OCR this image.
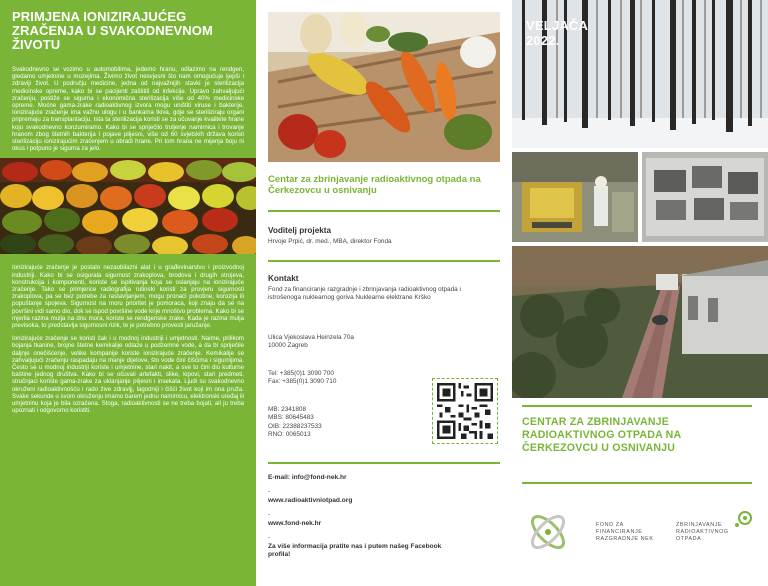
PRIMJENA IONIZIRAJUĆEG ZRAČENJA U SVAKODNEVNOM ŽIVOTU

Svakodnevno se vozimo u automobilima, jedemo hranu, odlazimo na rendgen, gledamo umjetnine u muzejima. Živimo život nesvjesni što nam omogućuje ljepši i zdraviji život. U području medicine, jedna od najvažnijih stavki je sterilizacija medicinske opreme, kako bi se pacijenti zaštitili od infekcije. Upravo zahvaljujući zračenju, postiže se sigurna i ekonomična sterilizacija više od 40% medicinske opreme. Moćne gama-zrake radioaktivnog izvora mogu uništiti viruse i bakterije. Ionizirajuće zračenje ima važnu ulogu i u bankama tkiva, gdje se steriliziraju organi pripremaju za transplantaciju. Ista ta sterilizacija koristi se za očuvanje kvalitete hrane koju svakodnevno konzumiramo. Kako bi se spriječilo truljenje namirnica i trovanje hranom zbog štetnih bakterija i pojave plijesni, više od 60 svjetskih država koristi sterilizaciju ionizirajućim zračenjem u obradi hrane. Pri tom hrana ne mijenja boju ni okus i potpuno je sigurna za jelo.

Ionizirajuće zračenje je postalo nezaobilazni alat i u građevinarstvu i proizvodnoj industriji. Kako bi se osigurala sigurnost zrakoplova, brodova i drugih strojeva, konstrukcija i komponenti, koriste se ispitivanja koja se oslanjaju na ionizirajuće zračenje. Tako se primjerice radiografija rutinski koristi za provjeru sigurnosti zrakoplova, pa se bez potrebe za rastavljanjem, mogu pronaći pukotine, korozija ili popuštanje spojeva. Sigurnost na moru prioritet je pomoraca, koji znaju da se na površini vidi samo dio, dok se ispod površine vode krije mnoštvo problema. Kako bi se mjerila razina mulja na dnu mora, koriste se rendgenske zrake. Kada je razina mulja previsoka, to predstavlja sigurnosni rizik, te je potrebno provesti jaružanje.

Ionizirajuće zračenje se koristi čak i u modnoj industriji i umjetnosti. Naime, prilikom bojanja tkanine, brojne štetne kemikalije odlaze u podzemne vode, a da bi spriječile daljnje onečišćenje, velike kompanije koriste ionizirajuće zračenje. Kemikalije se zahvaljujući zračenju raspadaju na manje dijelove, što vode čini čišćima i sigurnijima. Često se u modnoj industriji koriste i umjetnine, stari nakit, a sve to čini dio kulturne baštine jednog društva. Kako bi se očuvali artefakti, slike, kipovi, stari predmeti, stručnjaci koriste gama-zrake za uklanjanje plijesni i insekata. Ljudi su svakodnevno okruženi radioaktivnošću i rado žive zdravijj, lagodniji i čišći život koji im ona pruža. Svake sekunde u svom okruženju imamo barem jednu namirnicu, elektronski uređaj ili umjetninu koja je bila ozračena. Stoga, radioaktivnosti se ne treba bojati, ali ju treba upoznati i odgovorno koristiti.

Centar za zbrinjavanje radioaktivnog otpada na Čerkezovcu u osnivanju
Voditelj projekta
Hrvoje Prpić, dr. med., MBA, direktor Fonda
Kontakt
Fond za financiranje razgradnje i zbrinjavanja radioaktivnog otpada i istrošenoga nuklearnog goriva Nuklearne elektrane Krško
Ulica Vjekoslava Heinzela 70a
10000 Zagreb
Tel: +385(0)1 3090 700
Fax: +385(0)1 3090 710
MB: 2341808
MBS: 80645483
OIB: 22388237533
RNO: 0065013
E-mail: info@fond-nek.hr
-
www.radioaktivniotpad.org
-
www.fond-nek.hr
-
Za više informacija pratite nas i putem našeg Facebook profila!
VELJAČA
2022.
CENTAR ZA ZBRINJAVANJE RADIOAKTIVNOG OTPADA NA ČERKEZOVCU U OSNIVANJU
FOND ZA
FINANCIRANJE
RAZGRADNJE NEK
ZBRINJAVANJE
RADIOAKTIVNOG
OTPADA
